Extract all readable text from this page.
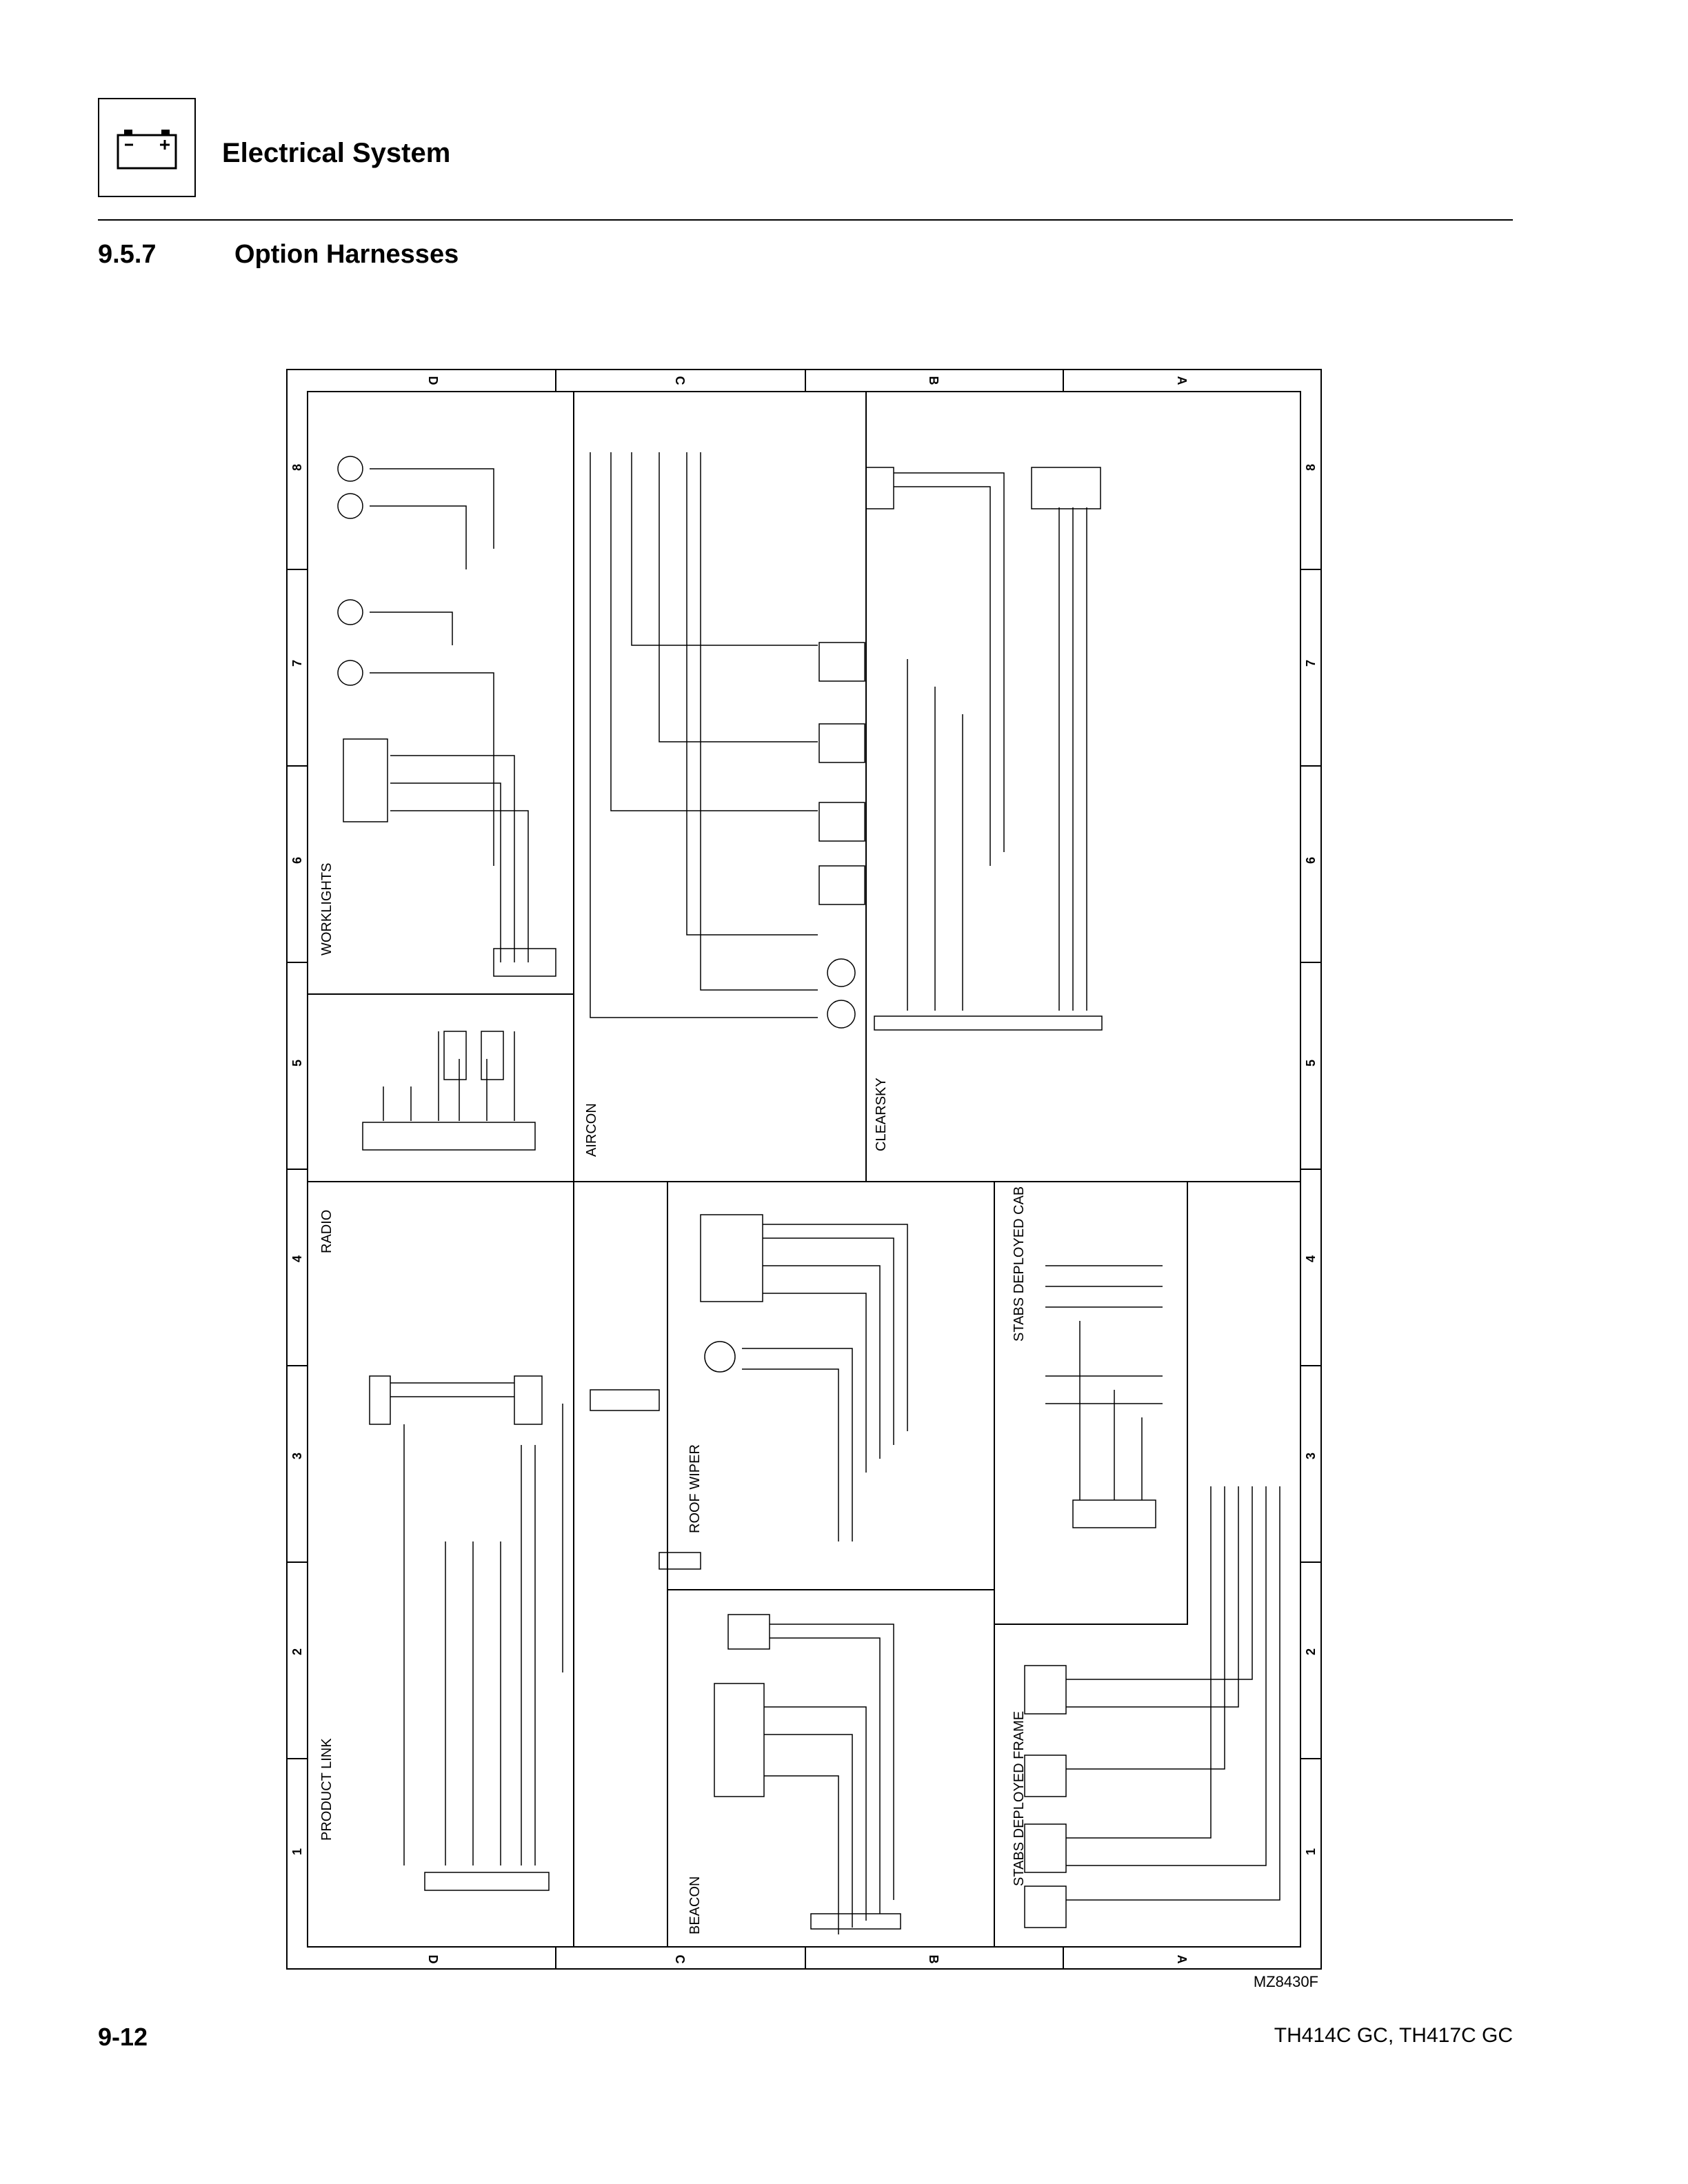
Electrical System
9.5.7	Option Harnesses
D	C	B	A
D	C	B	A
8
7
6
5
4
3
2
1
8
7
6
5
4
3
2
1
WORKLIGHTS
RADIO
AIRCON	CLEARSKY
PRODUCT LINK
ROOF WIPER
STABS DEPLOYED CAB
BEACON
STABS DEPLOYED FRAME
MZ8430F
9-12	TH414C GC, TH417C GC
